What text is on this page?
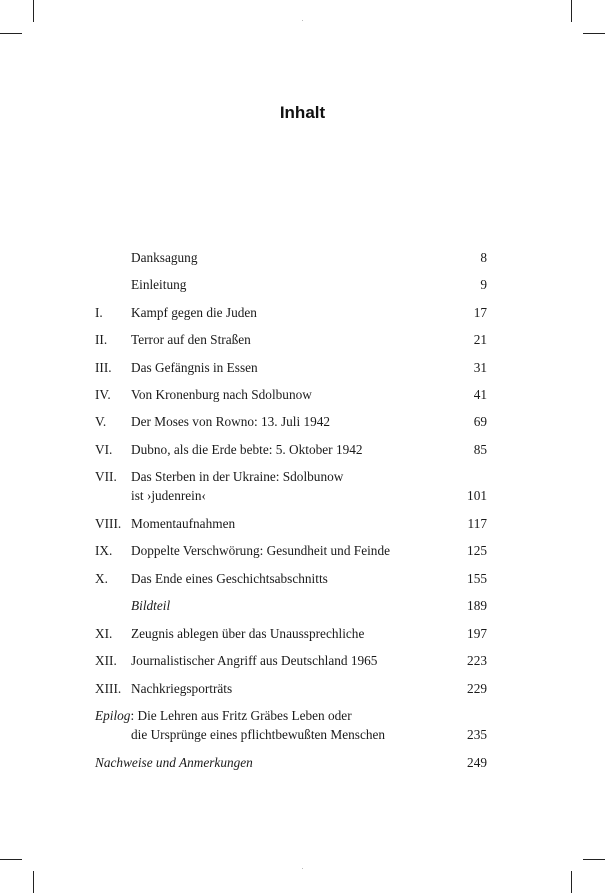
Inhalt
Danksagung	8
Einleitung	9
I. Kampf gegen die Juden	17
II. Terror auf den Straßen	21
III. Das Gefängnis in Essen	31
IV. Von Kronenburg nach Sdolbunow	41
V. Der Moses von Rowno: 13. Juli 1942	69
VI. Dubno, als die Erde bebte: 5. Oktober 1942	85
VII. Das Sterben in der Ukraine: Sdolbunow
ist ›judenrein‹	101
VIII. Momentaufnahmen	117
IX. Doppelte Verschwörung: Gesundheit und Feinde	125
X. Das Ende eines Geschichtsabschnitts	155
Bildteil	189
XI. Zeugnis ablegen über das Unaussprechliche	197
XII. Journalistischer Angriff aus Deutschland 1965	223
XIII. Nachkriegsporträts	229
Epilog: Die Lehren aus Fritz Gräbes Leben oder
die Ursprünge eines pflichtbewußten Menschen	235
Nachweise und Anmerkungen	249
